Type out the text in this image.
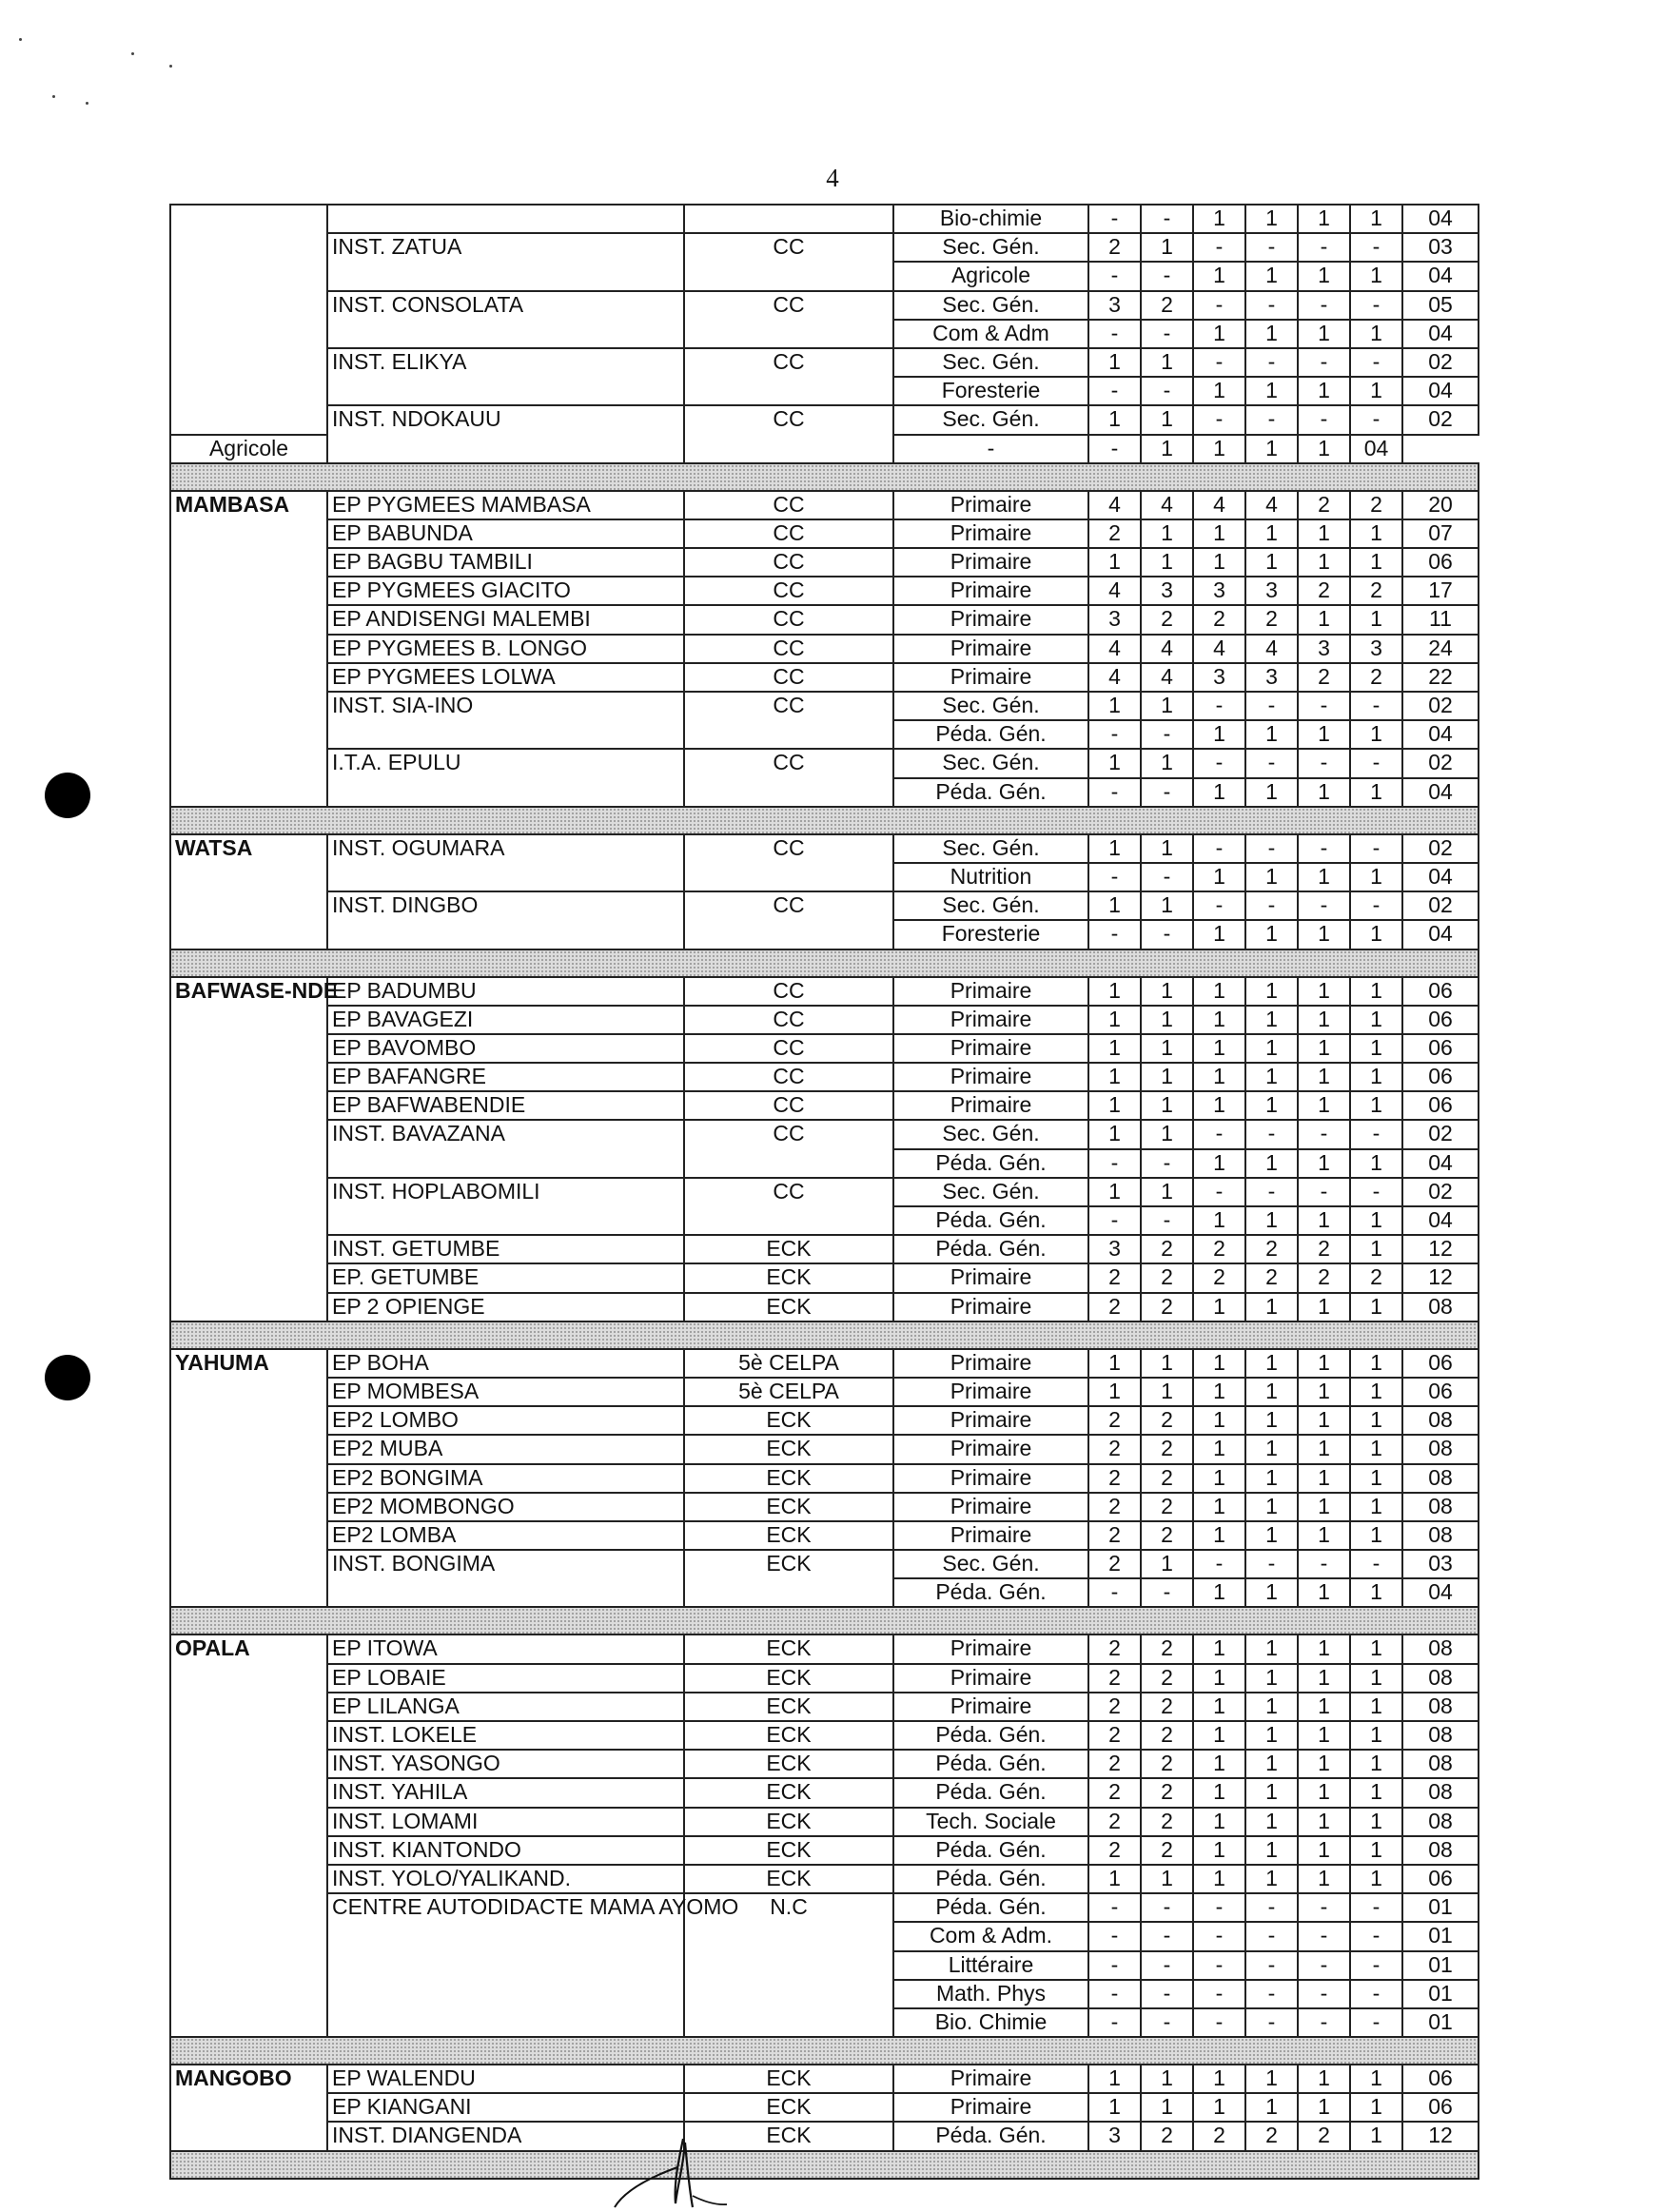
4
			Bio-chimie	-	-	1	1	1	1	04
	INST. ZATUA	CC	Sec. Gén.	2	1	-	-	-	-	03
			Agricole	-	-	1	1	1	1	04
	INST. CONSOLATA	CC	Sec. Gén.	3	2	-	-	-	-	05
			Com & Adm	-	-	1	1	1	1	04
	INST. ELIKYA	CC	Sec. Gén.	1	1	-	-	-	-	02
			Foresterie	-	-	1	1	1	1	04
	INST. NDOKAUU	CC	Sec. Gén.	1	1	-	-	-	-	02
Agricole			-	-	1	1	1	1	04	

MAMBASA	EP PYGMEES MAMBASA	CC	Primaire	4	4	4	4	2	2	20
	EP BABUNDA	CC	Primaire	2	1	1	1	1	1	07
	EP BAGBU TAMBILI	CC	Primaire	1	1	1	1	1	1	06
	EP PYGMEES GIACITO	CC	Primaire	4	3	3	3	2	2	17
	EP ANDISENGI MALEMBI	CC	Primaire	3	2	2	2	1	1	11
	EP PYGMEES B. LONGO	CC	Primaire	4	4	4	4	3	3	24
	EP PYGMEES LOLWA	CC	Primaire	4	4	3	3	2	2	22
	INST. SIA-INO	CC	Sec. Gén.	1	1	-	-	-	-	02
			Péda. Gén.	-	-	1	1	1	1	04
	I.T.A. EPULU	CC	Sec. Gén.	1	1	-	-	-	-	02
			Péda. Gén.	-	-	1	1	1	1	04

WATSA	INST. OGUMARA	CC	Sec. Gén.	1	1	-	-	-	-	02
			Nutrition	-	-	1	1	1	1	04
	INST. DINGBO	CC	Sec. Gén.	1	1	-	-	-	-	02
			Foresterie	-	-	1	1	1	1	04

BAFWASE-NDE	EP BADUMBU	CC	Primaire	1	1	1	1	1	1	06
	EP BAVAGEZI	CC	Primaire	1	1	1	1	1	1	06
	EP BAVOMBO	CC	Primaire	1	1	1	1	1	1	06
	EP BAFANGRE	CC	Primaire	1	1	1	1	1	1	06
	EP BAFWABENDIE	CC	Primaire	1	1	1	1	1	1	06
	INST. BAVAZANA	CC	Sec. Gén.	1	1	-	-	-	-	02
			Péda. Gén.	-	-	1	1	1	1	04
	INST. HOPLABOMILI	CC	Sec. Gén.	1	1	-	-	-	-	02
			Péda. Gén.	-	-	1	1	1	1	04
	INST. GETUMBE	ECK	Péda. Gén.	3	2	2	2	2	1	12
	EP. GETUMBE	ECK	Primaire	2	2	2	2	2	2	12
	EP 2 OPIENGE	ECK	Primaire	2	2	1	1	1	1	08

YAHUMA	EP BOHA	5è CELPA	Primaire	1	1	1	1	1	1	06
	EP MOMBESA	5è CELPA	Primaire	1	1	1	1	1	1	06
	EP2 LOMBO	ECK	Primaire	2	2	1	1	1	1	08
	EP2 MUBA	ECK	Primaire	2	2	1	1	1	1	08
	EP2 BONGIMA	ECK	Primaire	2	2	1	1	1	1	08
	EP2 MOMBONGO	ECK	Primaire	2	2	1	1	1	1	08
	EP2 LOMBA	ECK	Primaire	2	2	1	1	1	1	08
	INST. BONGIMA	ECK	Sec. Gén.	2	1	-	-	-	-	03
			Péda. Gén.	-	-	1	1	1	1	04

OPALA	EP ITOWA	ECK	Primaire	2	2	1	1	1	1	08
	EP LOBAIE	ECK	Primaire	2	2	1	1	1	1	08
	EP LILANGA	ECK	Primaire	2	2	1	1	1	1	08
	INST. LOKELE	ECK	Péda. Gén.	2	2	1	1	1	1	08
	INST. YASONGO	ECK	Péda. Gén.	2	2	1	1	1	1	08
	INST. YAHILA	ECK	Péda. Gén.	2	2	1	1	1	1	08
	INST. LOMAMI	ECK	Tech. Sociale	2	2	1	1	1	1	08
	INST. KIANTONDO	ECK	Péda. Gén.	2	2	1	1	1	1	08
	INST. YOLO/YALIKAND.	ECK	Péda. Gén.	1	1	1	1	1	1	06
	CENTRE AUTODIDACTE MAMA AYOMO	N.C	Péda. Gén.	-	-	-	-	-	-	01
			Com & Adm.	-	-	-	-	-	-	01
			Littéraire	-	-	-	-	-	-	01
			Math. Phys	-	-	-	-	-	-	01
			Bio. Chimie	-	-	-	-	-	-	01

MANGOBO	EP WALENDU	ECK	Primaire	1	1	1	1	1	1	06
	EP KIANGANI	ECK	Primaire	1	1	1	1	1	1	06
	INST. DIANGENDA	ECK	Péda. Gén.	3	2	2	2	2	1	12
